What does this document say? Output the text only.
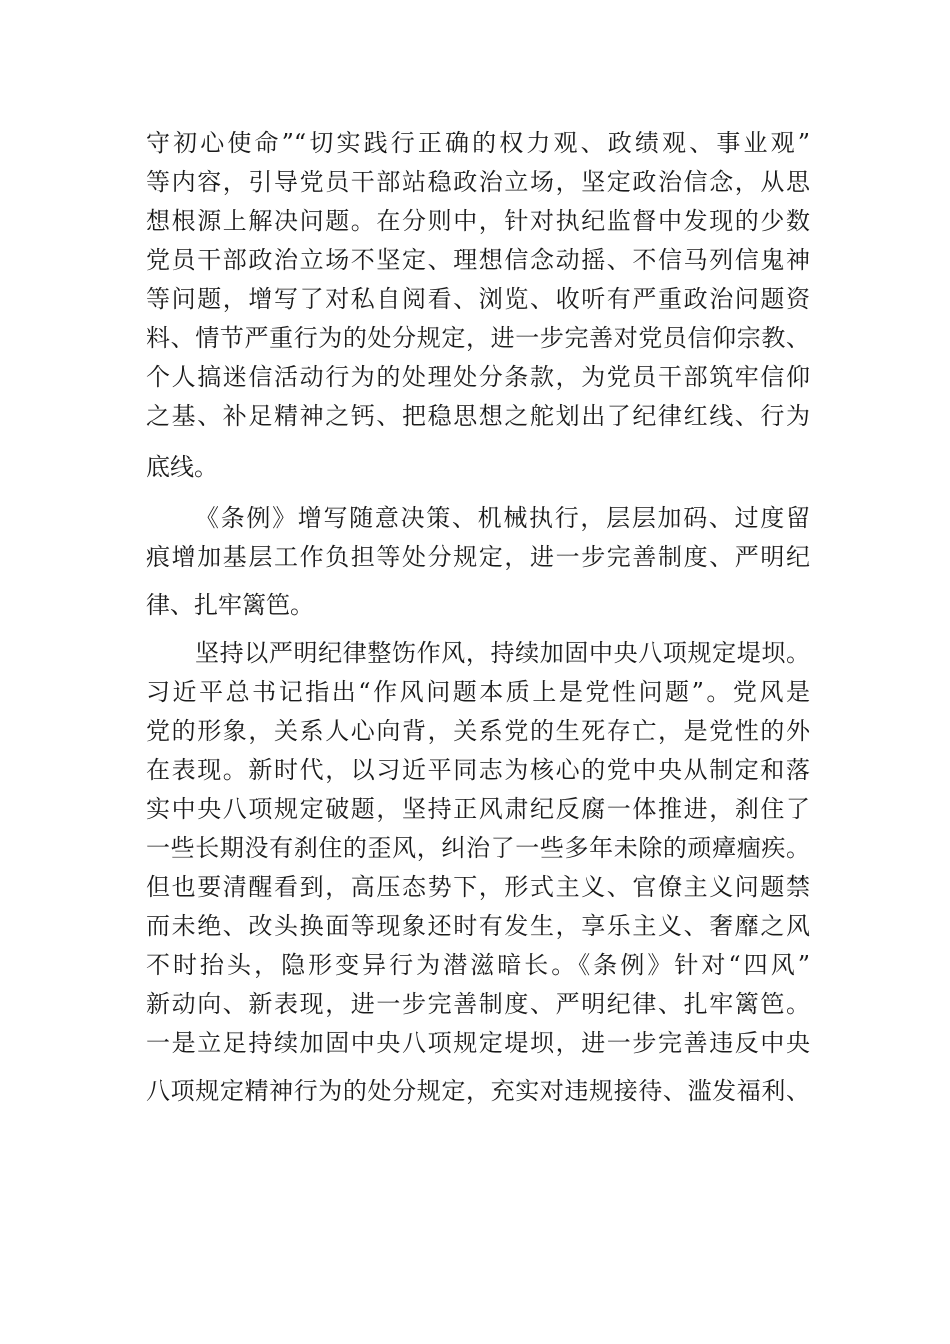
守初心使命”“切实践行正确的权力观、政绩观、事业观”
等内容，引导党员干部站稳政治立场，坚定政治信念，从思
想根源上解决问题。在分则中，针对执纪监督中发现的少数
党员干部政治立场不坚定、理想信念动摇、不信马列信鬼神
等问题，增写了对私自阅看、浏览、收听有严重政治问题资
料、情节严重行为的处分规定，进一步完善对党员信仰宗教、
个人搞迷信活动行为的处理处分条款，为党员干部筑牢信仰
之基、补足精神之钙、把稳思想之舵划出了纪律红线、行为
底线。
《条例》增写随意决策、机械执行，层层加码、过度留
痕增加基层工作负担等处分规定，进一步完善制度、严明纪
律、扎牢篱笆。
坚持以严明纪律整饬作风，持续加固中央八项规定堤坝。
习近平总书记指出“作风问题本质上是党性问题”。党风是
党的形象，关系人心向背，关系党的生死存亡，是党性的外
在表现。新时代，以习近平同志为核心的党中央从制定和落
实中央八项规定破题，坚持正风肃纪反腐一体推进，刹住了
一些长期没有刹住的歪风，纠治了一些多年未除的顽瘴痼疾。
但也要清醒看到，高压态势下，形式主义、官僚主义问题禁
而未绝、改头换面等现象还时有发生，享乐主义、奢靡之风
不时抬头，隐形变异行为潜滋暗长。《条例》针对“四风”
新动向、新表现，进一步完善制度、严明纪律、扎牢篱笆。
一是立足持续加固中央八项规定堤坝，进一步完善违反中央
八项规定精神行为的处分规定，充实对违规接待、滥发福利、
